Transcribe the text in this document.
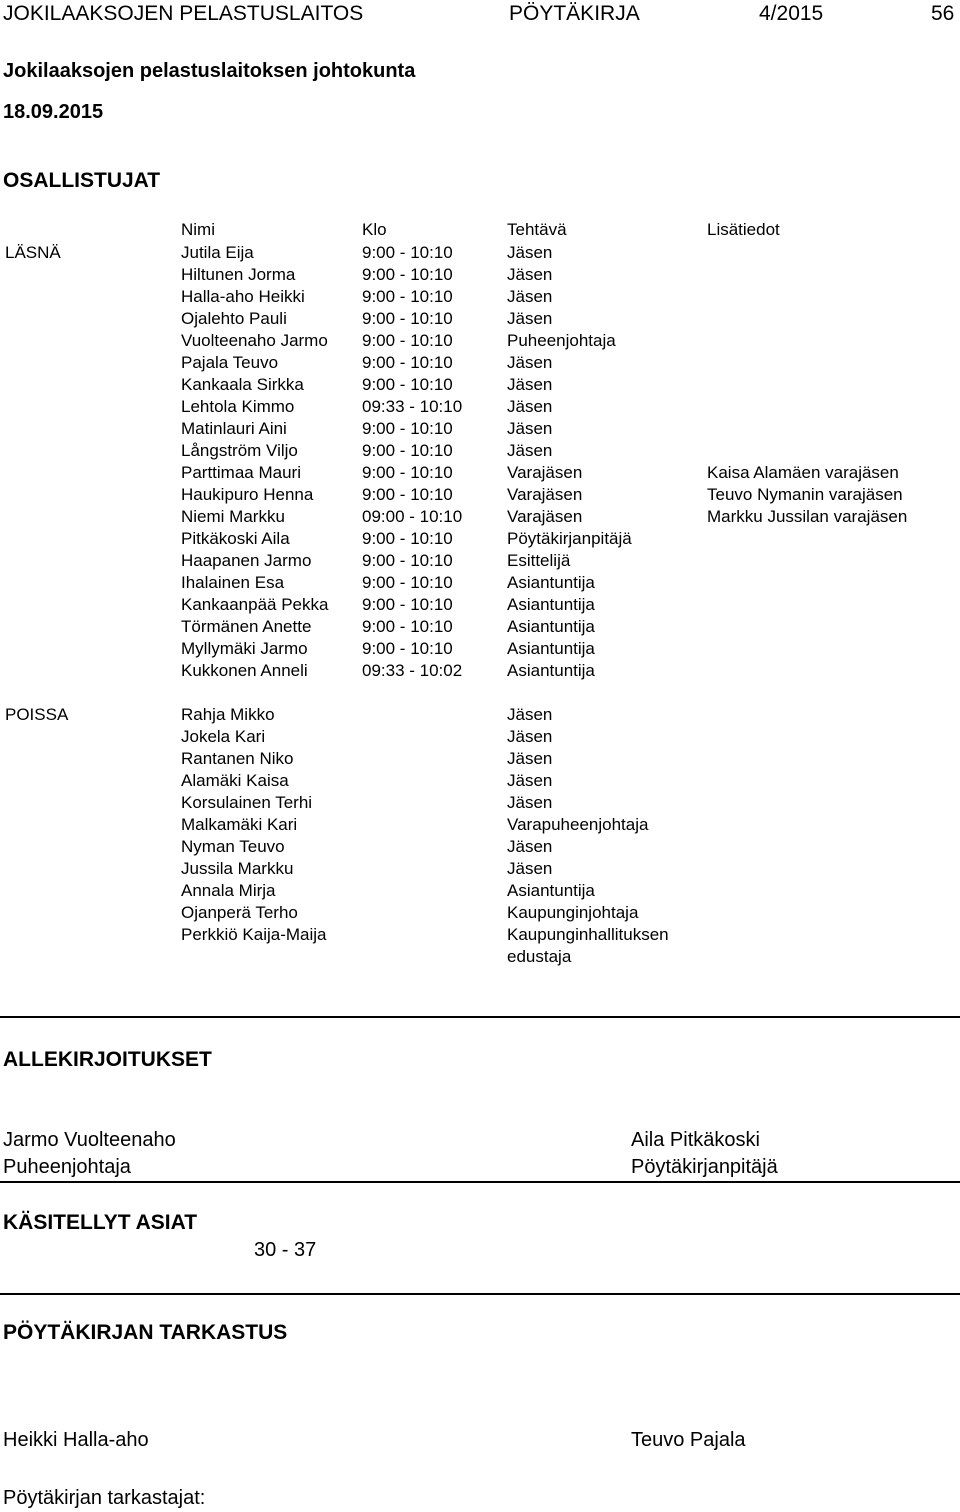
JOKILAAKSOJEN PELASTUSLAITOS	PÖYTÄKIRJA	4/2015	56
Jokilaaksojen pelastuslaitoksen johtokunta
18.09.2015
OSALLISTUJAT
Nimi	Klo	Tehtävä	Lisätiedot
LÄSNÄ	Jutila Eija	9:00 - 10:10	Jäsen
Hiltunen Jorma	9:00 - 10:10	Jäsen
Halla-aho Heikki	9:00 - 10:10	Jäsen
Ojalehto Pauli	9:00 - 10:10	Jäsen
Vuolteenaho Jarmo 9:00 - 10:10	Puheenjohtaja
Pajala Teuvo	9:00 - 10:10	Jäsen
Kankaala Sirkka	9:00 - 10:10	Jäsen
Lehtola Kimmo	09:33 - 10:10	Jäsen
Matinlauri Aini	9:00 - 10:10	Jäsen
Långström Viljo	9:00 - 10:10	Jäsen
Parttimaa Mauri	9:00 - 10:10	Varajäsen	Kaisa Alamäen varajäsen
Haukipuro Henna	9:00 - 10:10	Varajäsen	Teuvo Nymanin varajäsen
Niemi Markku	09:00 - 10:10	Varajäsen	Markku Jussilan varajäsen
Pitkäkoski Aila	9:00 - 10:10	Pöytäkirjanpitäjä
Haapanen Jarmo	9:00 - 10:10	Esittelijä
Ihalainen Esa	9:00 - 10:10	Asiantuntija
Kankaanpää Pekka 9:00 - 10:10	Asiantuntija
Törmänen Anette	9:00 - 10:10	Asiantuntija
Myllymäki Jarmo	9:00 - 10:10	Asiantuntija
Kukkonen Anneli	09:33 - 10:02	Asiantuntija
POISSA	Rahja Mikko	Jäsen
Jokela Kari	Jäsen
Rantanen Niko	Jäsen
Alamäki Kaisa	Jäsen
Korsulainen Terhi	Jäsen
Malkamäki Kari	Varapuheenjohtaja
Nyman Teuvo	Jäsen
Jussila Markku	Jäsen
Annala Mirja	Asiantuntija
Ojanperä Terho	Kaupunginjohtaja
Perkkiö Kaija-Maija	Kaupunginhallituksen
edustaja
ALLEKIRJOITUKSET
Jarmo Vuolteenaho
Puheenjohtaja
Aila Pitkäkoski
Pöytäkirjanpitäjä
KÄSITELLYT ASIAT
30 - 37
PÖYTÄKIRJAN TARKASTUS
Heikki Halla-aho	Teuvo Pajala
Pöytäkirjan tarkastajat:
